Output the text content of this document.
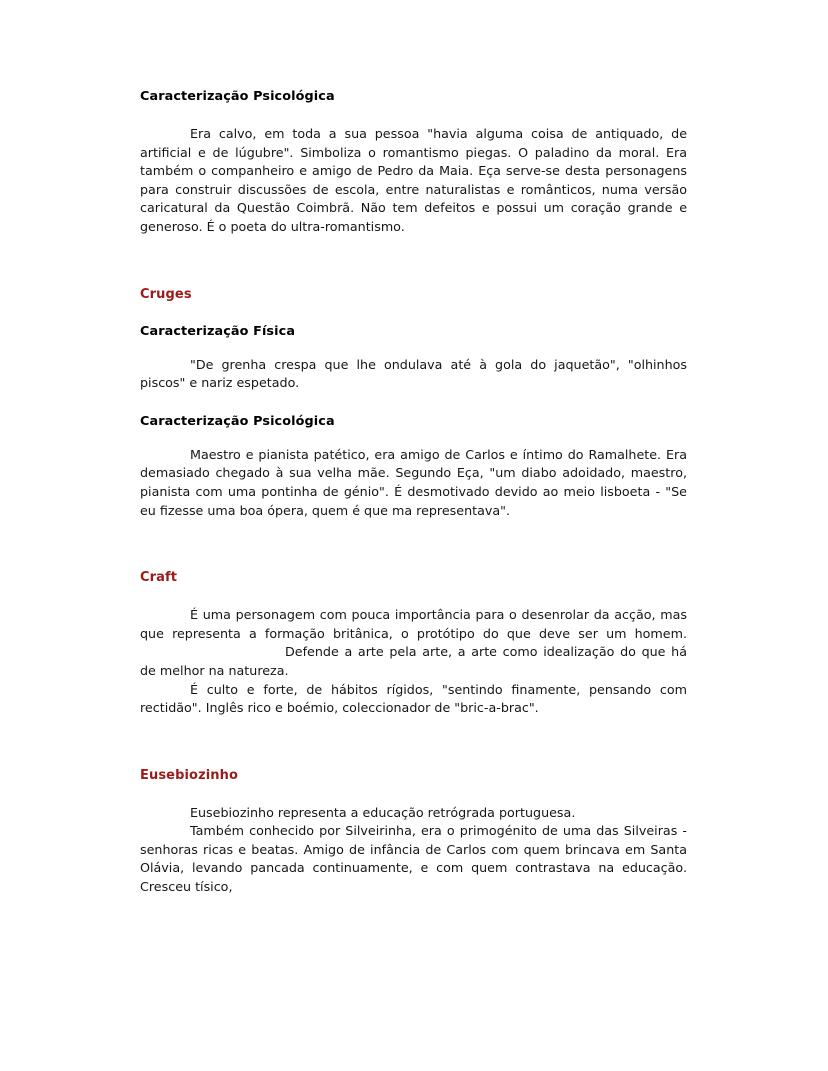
Caracterização Psicológica

Era calvo, em toda a sua pessoa "havia alguma coisa de antiquado, de artificial e de lúgubre". Simboliza o romantismo piegas. O paladino da moral. Era também o companheiro e amigo de Pedro da Maia. Eça serve-se desta personagens para construir discussões de escola, entre naturalistas e românticos, numa versão caricatural da Questão Coimbrã. Não tem defeitos e possui um coração grande e generoso. É o poeta do ultra-romantismo.

Cruges
Caracterização Física

"De grenha crespa que lhe ondulava até à gola do jaquetão", "olhinhos piscos" e nariz espetado.

Caracterização Psicológica

Maestro e pianista patético, era amigo de Carlos e íntimo do Ramalhete. Era demasiado chegado à sua velha mãe. Segundo Eça, "um diabo adoidado, maestro, pianista com uma pontinha de génio". É desmotivado devido ao meio lisboeta - "Se eu fizesse uma boa ópera, quem é que ma representava".

Craft

É uma personagem com pouca importância para o desenrolar da acção, mas que representa a formação britânica, o protótipo do que deve ser um homem.Defende a arte pela arte, a arte como idealização do que há de melhor na natureza.

É culto e forte, de hábitos rígidos, "sentindo finamente, pensando com rectidão". Inglês rico e boémio, coleccionador de "bric-a-brac".

Eusebiozinho

Eusebiozinho representa a educação retrógrada portuguesa.

Também conhecido por Silveirinha, era o primogénito de uma das Silveiras - senhoras ricas e beatas. Amigo de infância de Carlos com quem brincava em Santa Olávia, levando pancada continuamente, e com quem contrastava na educação. Cresceu tísico,
